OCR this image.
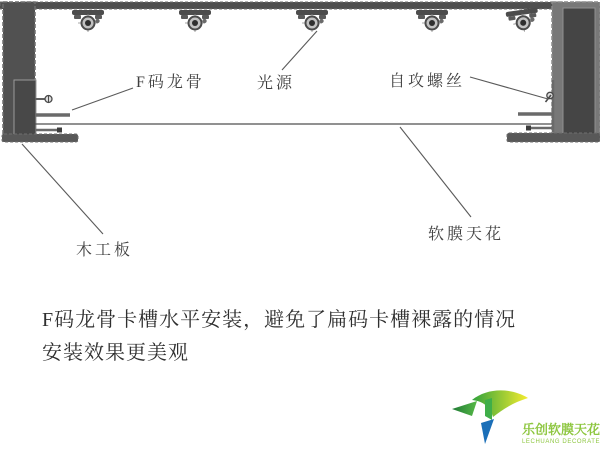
F码龙骨	光源	自攻螺丝
软膜天花
木工板
F码龙骨卡槽水平安装，避免了扁码卡槽裸露的情况
安装效果更美观
乐创软膜天花
LECHUANG DECORATE
